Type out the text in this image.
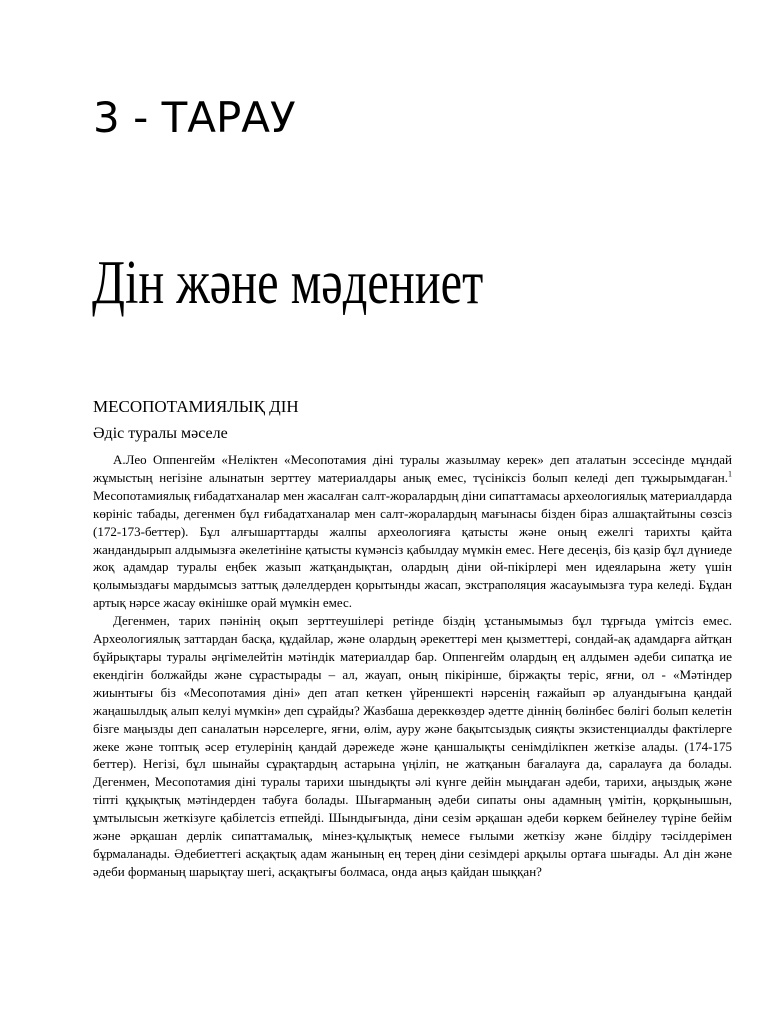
3 - ТАРАУ
Дін және мәдениет
МЕСОПОТАМИЯЛЫҚ ДІН
Әдіс туралы мәселе

А.Лео Оппенгейм «Неліктен «Месопотамия діні туралы жазылмау керек» деп аталатын эссесінде мұндай жұмыстың негізіне алынатын зерттеу материалдары анық емес, түсініксіз болып келеді деп тұжырымдаған.$^1$ Месопотамиялық ғибадатханалар мен жасалған салт-жоралардың діни сипаттамасы археологиялық материалдарда көрініс табады, дегенмен бұл ғибадатханалар мен салт-жоралардың мағынасы бізден біраз алшақтайтыны сөзсіз (172-173-беттер). Бұл алғышарттарды жалпы археологияға қатысты және оның ежелгі тарихты қайта жандандырып алдымызға әкелетініне қатысты күмәнсіз қабылдау мүмкін емес. Неге десеңіз, біз қазір бұл дүниеде жоқ адамдар туралы еңбек жазып жатқандықтан, олардың діни ой-пікірлері мен идеяларына жету үшін қолымыздағы мардымсыз заттық дәлелдерден қорытынды жасап, экстраполяция жасауымызға тура келеді. Бұдан артық нәрсе жасау өкінішке орай мүмкін емес.

Дегенмен, тарих пәнінің оқып зерттеушілері ретінде біздің ұстанымымыз бұл тұрғыда үмітсіз емес. Археологиялық заттардан басқа, құдайлар, және олардың әрекеттері мен қызметтері, сондай-ақ адамдарға айтқан бұйрықтары туралы әңгімелейтін мәтіндік материалдар бар. Оппенгейм олардың ең алдымен әдеби сипатқа ие екендігін болжайды және сұрастырады – ал, жауап, оның пікірінше, біржақты теріс, яғни, ол - «Мәтіндер жиынтығы біз «Месопотамия діні» деп атап кеткен үйреншекті нәрсенің ғажайып әр алуандығына қандай жаңашылдық алып келуі мүмкін» деп сұрайды? Жазбаша дереккөздер әдетте діннің бөлінбес бөлігі болып келетін бізге маңызды деп саналатын нәрселерге, яғни, өлім, ауру және бақытсыздық сияқты экзистенциалды фактілерге жеке және топтық әсер етулерінің қандай дәрежеде және қаншалықты сенімділікпен жеткізе алады. (174-175 беттер). Негізі, бұл шынайы сұрақтардың астарына үңіліп, не жатқанын бағалауға да, саралауға да болады. Дегенмен, Месопотамия діні туралы тарихи шындықты әлі күнге дейін мыңдаған әдеби, тарихи, аңыздық және тіпті құқықтық мәтіндерден табуға болады. Шығарманың әдеби сипаты оны адамның үмітін, қорқынышын, ұмтылысын жеткізуге қабілетсіз етпейді. Шындығында, діни сезім әрқашан әдеби көркем бейнелеу түріне бейім және әрқашан дерлік сипаттамалық, мінез-құлықтық немесе ғылыми жеткізу және білдіру тәсілдерімен бұрмаланады. Әдебиеттегі асқақтық адам жанының ең терең діни сезімдері арқылы ортаға шығады. Ал дін және әдеби форманың шарықтау шегі, асқақтығы болмаса, онда аңыз қайдан шыққан?
